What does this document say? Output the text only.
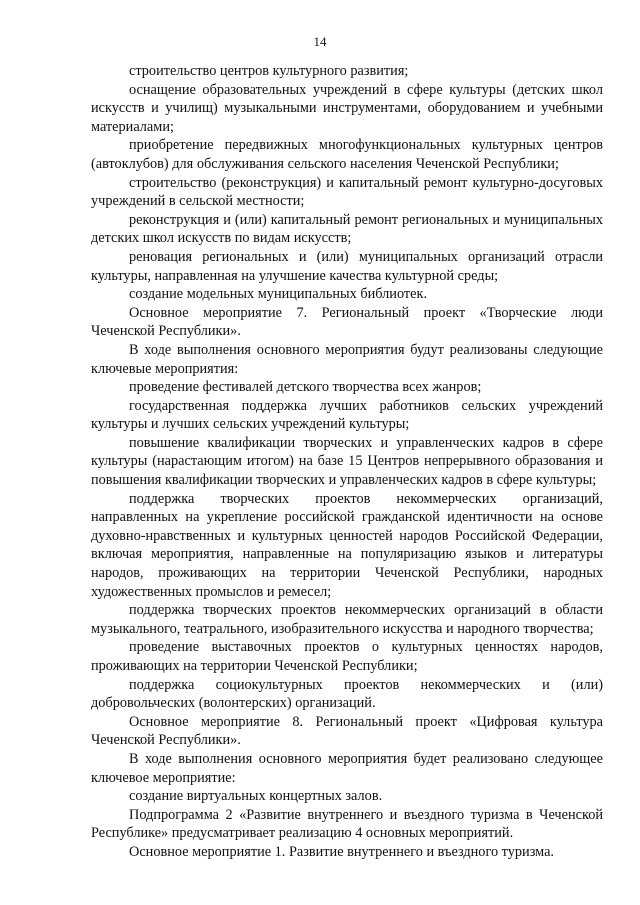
14

строительство центров культурного развития;

оснащение образовательных учреждений в сфере культуры (детских школ искусств и училищ) музыкальными инструментами, оборудованием и учебными материалами;

приобретение передвижных многофункциональных культурных центров (автоклубов) для обслуживания сельского населения Чеченской Республики;

строительство (реконструкция) и капитальный ремонт культурно-досуговых учреждений в сельской местности;

реконструкция и (или) капитальный ремонт региональных и муниципальных детских школ искусств по видам искусств;

реновация региональных и (или) муниципальных организаций отрасли культуры, направленная на улучшение качества культурной среды;

создание модельных муниципальных библиотек.

Основное мероприятие 7. Региональный проект «Творческие люди Чеченской Республики».

В ходе выполнения основного мероприятия будут реализованы следующие ключевые мероприятия:

проведение фестивалей детского творчества всех жанров;

государственная поддержка лучших работников сельских учреждений культуры и лучших сельских учреждений культуры;

повышение квалификации творческих и управленческих кадров в сфере культуры (нарастающим итогом) на базе 15 Центров непрерывного образования и повышения квалификации творческих и управленческих кадров в сфере культуры;

поддержка творческих проектов некоммерческих организаций, направленных на укрепление российской гражданской идентичности на основе духовно-нравственных и культурных ценностей народов Российской Федерации, включая мероприятия, направленные на популяризацию языков и литературы народов, проживающих на территории Чеченской Республики, народных художественных промыслов и ремесел;

поддержка творческих проектов некоммерческих организаций в области музыкального, театрального, изобразительного искусства и народного творчества;

проведение выставочных проектов о культурных ценностях народов, проживающих на территории Чеченской Республики;

поддержка социокультурных проектов некоммерческих и (или) добровольческих (волонтерских) организаций.

Основное мероприятие 8. Региональный проект «Цифровая культура Чеченской Республики».

В ходе выполнения основного мероприятия будет реализовано следующее ключевое мероприятие:

создание виртуальных концертных залов.

Подпрограмма 2 «Развитие внутреннего и въездного туризма в Чеченской Республике» предусматривает реализацию 4 основных мероприятий.

Основное мероприятие 1. Развитие внутреннего и въездного туризма.
